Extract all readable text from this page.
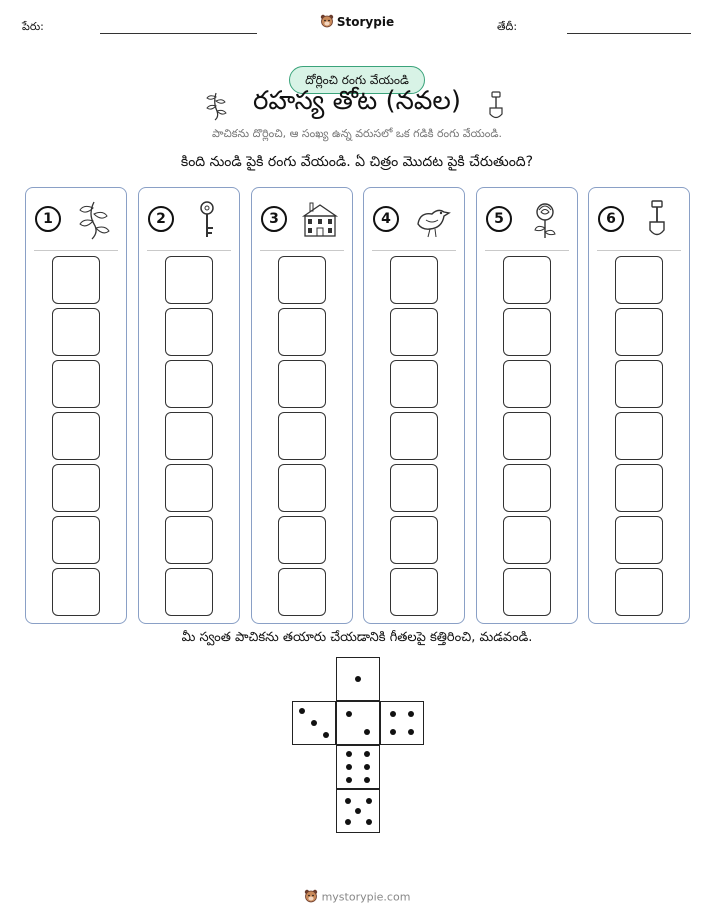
పేరు:	Storypie	తేదీ:
దోర్లించి రంగు వేయండి
రహస్య తోట (నవల)
పాచికను దొర్లించి, ఆ సంఖ్య ఉన్న వరుసలో ఒక గడికి రంగు వేయండి.
కింది నుండి పైకి రంగు వేయండి. ఏ చిత్రం మొదట పైకి చేరుతుంది?
1	2	3	4	5	6
మీ స్వంత పాచికను తయారు చేయడానికి గీతలపై కత్తిరించి, మడవండి.
mystorypie.com
